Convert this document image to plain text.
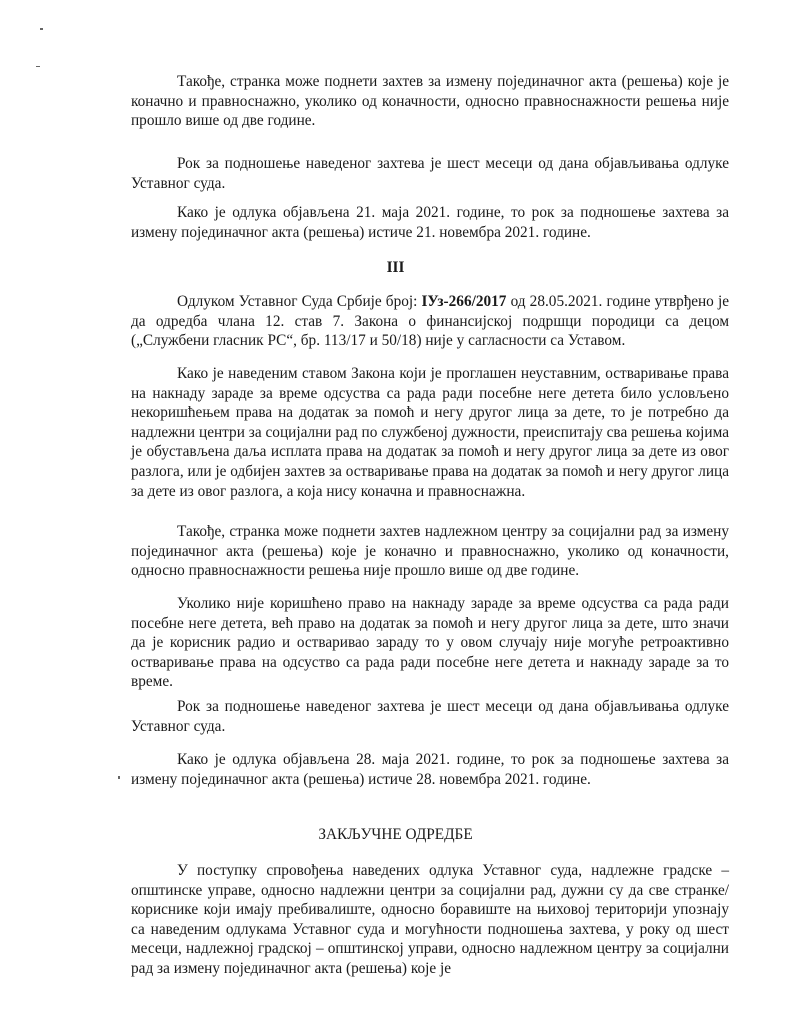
Такође, странка може поднети захтев за измену појединачног акта (решења) које је коначно и правноснажно, уколико од коначности, односно правноснажности решења није прошло више од две године.

Рок за подношење наведеног захтева је шест месеци од дана објављивања одлуке Уставног суда.

Како је одлука објављена 21. маја 2021. године, то рок за подношење захтева за измену појединачног акта (решења) истиче 21. новембра 2021. године.

III

Одлуком Уставног Суда Србије број: ІУз-266/2017 од 28.05.2021. године утврђено је да одредба члана 12. став 7. Закона о финансијској подршци породици са децом („Службени гласник РС“, бр. 113/17 и 50/18) није у сагласности са Уставом.

Како је наведеним ставом Закона који је проглашен неуставним, остваривање права на накнаду зараде за време одсуства са рада ради посебне неге детета било условљено некоришћењем права на додатак за помоћ и негу другог лица за дете, то је потребно да надлежни центри за социјални рад по службеној дужности, преиспитају сва решења којима је обустављена даља исплата права на додатак за помоћ и негу другог лица за дете из овог разлога, или је одбијен захтев за остваривање права на додатак за помоћ и негу другог лица за дете из овог разлога, а која нису коначна и правноснажна.

Такође, странка може поднети захтев надлежном центру за социјални рад за измену појединачног акта (решења) које је коначно и правноснажно, уколико од коначности, односно правноснажности решења није прошло више од две године.

Уколико није коришћено право на накнаду зараде за време одсуства са рада ради посебне неге детета, већ право на додатак за помоћ и негу другог лица за дете, што значи да је корисник радио и остваривао зараду то у овом случају није могуће ретроактивно остваривање права на одсуство са рада ради посебне неге детета и накнаду зараде за то време.

Рок за подношење наведеног захтева је шест месеци од дана објављивања одлуке Уставног суда.

Како је одлука објављена 28. маја 2021. године, то рок за подношење захтева за измену појединачног акта (решења) истиче 28. новембра 2021. године.

ЗАКЉУЧНЕ ОДРЕДБЕ

У поступку спровођења наведених одлука Уставног суда, надлежне градске – општинске управе, односно надлежни центри за социјални рад, дужни су да све странке/кориснике који имају пребивалиште, односно боравиште на њиховој територији упознају са наведеним одлукама Уставног суда и могућности подношења захтева, у року од шест месеци, надлежној градској – општинској управи, односно надлежном центру за социјални рад за измену појединачног акта (решења) које је
